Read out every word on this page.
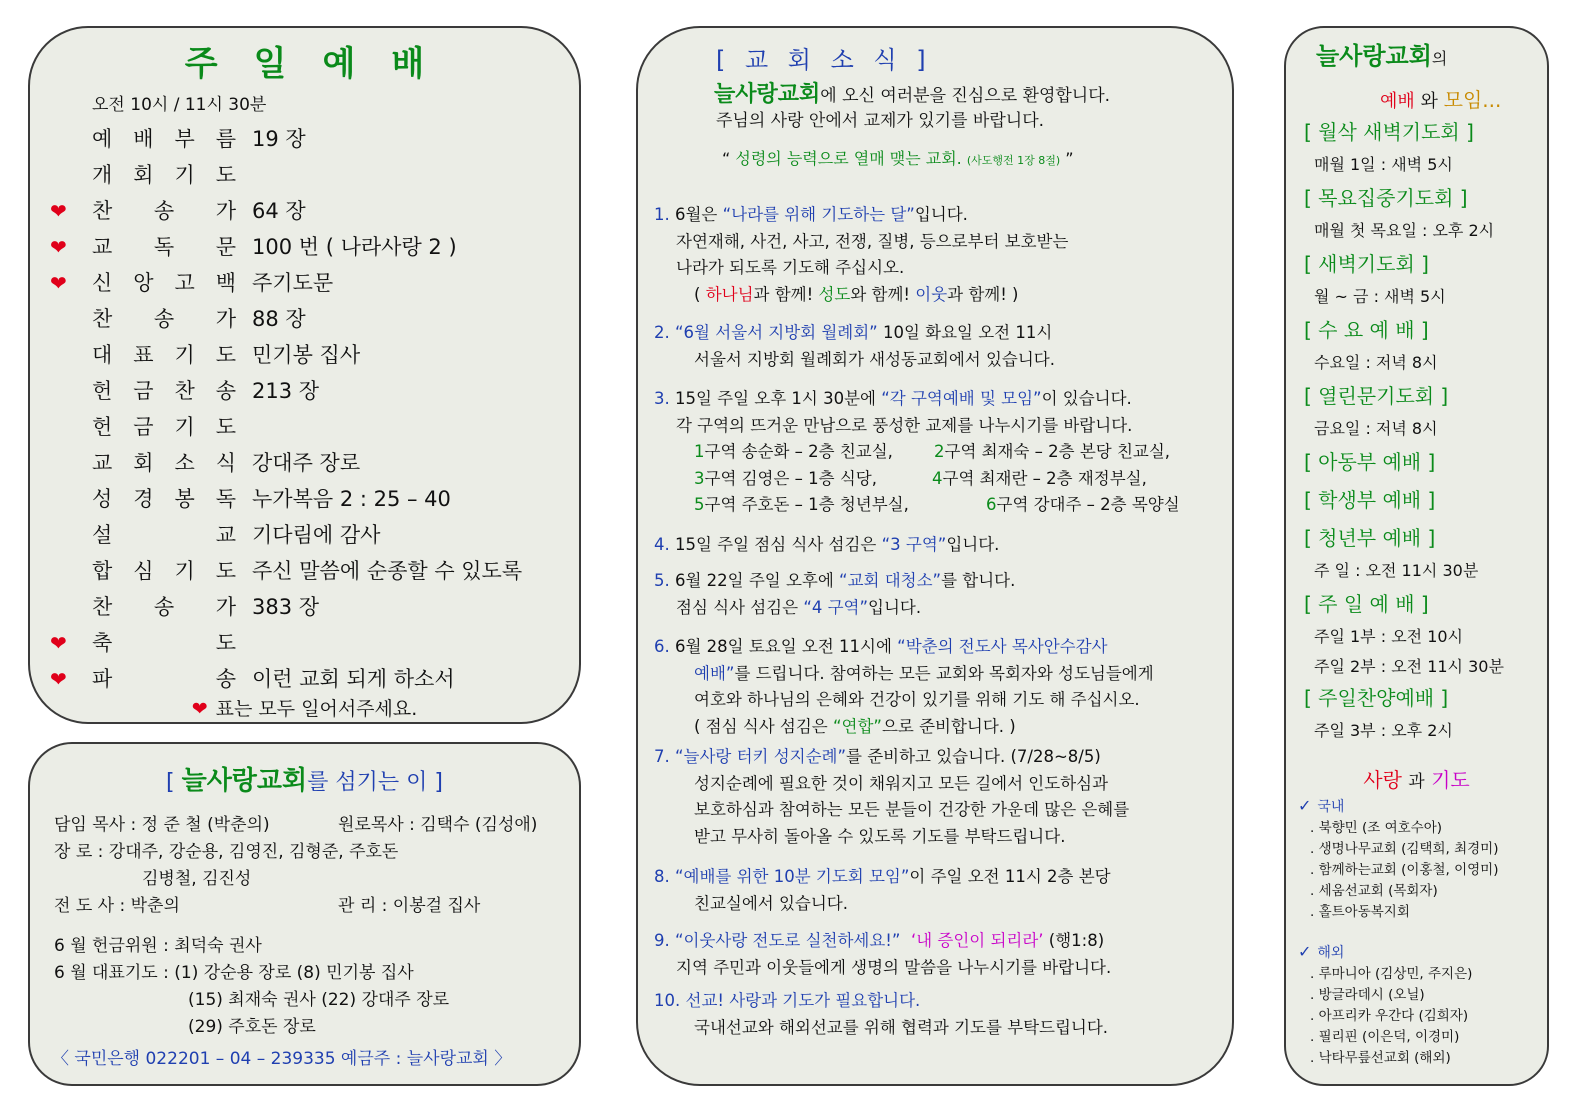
주일예배
오전 10시 / 11시 30분
예 배 부 름 19 장
개 회 기 도
❤ 찬 송 가 64 장
❤ 교 독 문 100 번 ( 나라사랑 2 )
❤ 신 앙 고 백 주기도문
찬 송 가 88 장
대 표 기 도 민기봉 집사
헌 금 찬 송 213 장
헌 금 기 도
교 회 소 식 강대주 장로
성 경 봉 독 누가복음 2 : 25 – 40
설	교 기다림에 감사
합 심 기 도 주신 말씀에 순종할 수 있도록
찬 송 가 383 장
❤ 축	도
❤ 파	송 이런 교회 되게 하소서
❤ 표는 모두 일어서주세요.
[ 늘사랑교회를 섬기는 이 ]
담임 목사 : 정 준 철 (박춘의)	원로목사 : 김택수 (김성애)
장 로 : 강대주, 강순용, 김영진, 김형준, 주호돈
김병철, 김진성
전 도 사 : 박춘의	관 리 : 이봉걸 집사
6 월 헌금위원 : 최덕숙 권사
6 월 대표기도 : (1) 강순용 장로 (8) 민기봉 집사
(15) 최재숙 권사 (22) 강대주 장로
(29) 주호돈 장로
〈 국민은행 022201 – 04 – 239335 예금주 : 늘사랑교회 〉
[ 교 회 소 식 ]
늘사랑교회에 오신 여러분을 진심으로 환영합니다.
주님의 사랑 안에서 교제가 있기를 바랍니다.
“ 성령의 능력으로 열매 맺는 교회. (사도행전 1장 8절) ”
1. 6월은 “나라를 위해 기도하는 달”입니다.
자연재해, 사건, 사고, 전쟁, 질병, 등으로부터 보호받는
나라가 되도록 기도해 주십시오.
( 하나님과 함께! 성도와 함께! 이웃과 함께! )
2. “6월 서울서 지방회 월례회” 10일 화요일 오전 11시
서울서 지방회 월례회가 새성동교회에서 있습니다.
3. 15일 주일 오후 1시 30분에 “각 구역예배 및 모임”이 있습니다.
각 구역의 뜨거운 만남으로 풍성한 교제를 나누시기를 바랍니다.
1구역 송순화 – 2층 친교실, 2구역 최재숙 – 2층 본당 친교실,
3구역 김영은 – 1층 식당,	4구역 최재란 – 2층 재정부실,
5구역 주호돈 – 1층 청년부실,	6구역 강대주 – 2층 목양실
4. 15일 주일 점심 식사 섬김은 “3 구역”입니다.
5. 6월 22일 주일 오후에 “교회 대청소”를 합니다.
점심 식사 섬김은 “4 구역”입니다.
6. 6월 28일 토요일 오전 11시에 “박춘의 전도사 목사안수감사
예배”를 드립니다. 참여하는 모든 교회와 목회자와 성도님들에게
여호와 하나님의 은혜와 건강이 있기를 위해 기도 해 주십시오.
( 점심 식사 섬김은 “연합”으로 준비합니다. )
7. “늘사랑 터키 성지순례”를 준비하고 있습니다. (7/28~8/5)
성지순례에 필요한 것이 채워지고 모든 길에서 인도하심과
보호하심과 참여하는 모든 분들이 건강한 가운데 많은 은혜를
받고 무사히 돌아올 수 있도록 기도를 부탁드립니다.
8. “예배를 위한 10분 기도회 모임”이 주일 오전 11시 2층 본당
친교실에서 있습니다.
9. “이웃사랑 전도로 실천하세요!” ‘내 증인이 되리라’ (행1:8)
지역 주민과 이웃들에게 생명의 말씀을 나누시기를 바랍니다.
10. 선교! 사랑과 기도가 필요합니다.
국내선교와 해외선교를 위해 협력과 기도를 부탁드립니다.
늘사랑교회의
예배 와 모임...
[ 월삭 새벽기도회 ]
매월 1일 : 새벽 5시
[ 목요집중기도회 ]
매월 첫 목요일 : 오후 2시
[ 새벽기도회 ]
월 ~ 금 : 새벽 5시
[ 수 요 예 배 ]
수요일 : 저녁 8시
[ 열린문기도회 ]
금요일 : 저녁 8시
[ 아동부 예배 ]
[ 학생부 예배 ]
[ 청년부 예배 ]
주 일 : 오전 11시 30분
[ 주 일 예 배 ]
주일 1부 : 오전 10시
주일 2부 : 오전 11시 30분
[ 주일찬양예배 ]
주일 3부 : 오후 2시
사랑 과 기도
✓ 국내
. 북향민 (조 여호수아)
. 생명나무교회 (김택희, 최경미)
. 함께하는교회 (이홍철, 이영미)
. 세움선교회 (목회자)
. 홀트아동복지회
✓ 해외
. 루마니아 (김상민, 주지은)
. 방글라데시 (오닐)
. 아프리카 우간다 (김희자)
. 필리핀 (이은덕, 이경미)
. 낙타무릎선교회 (해외)
